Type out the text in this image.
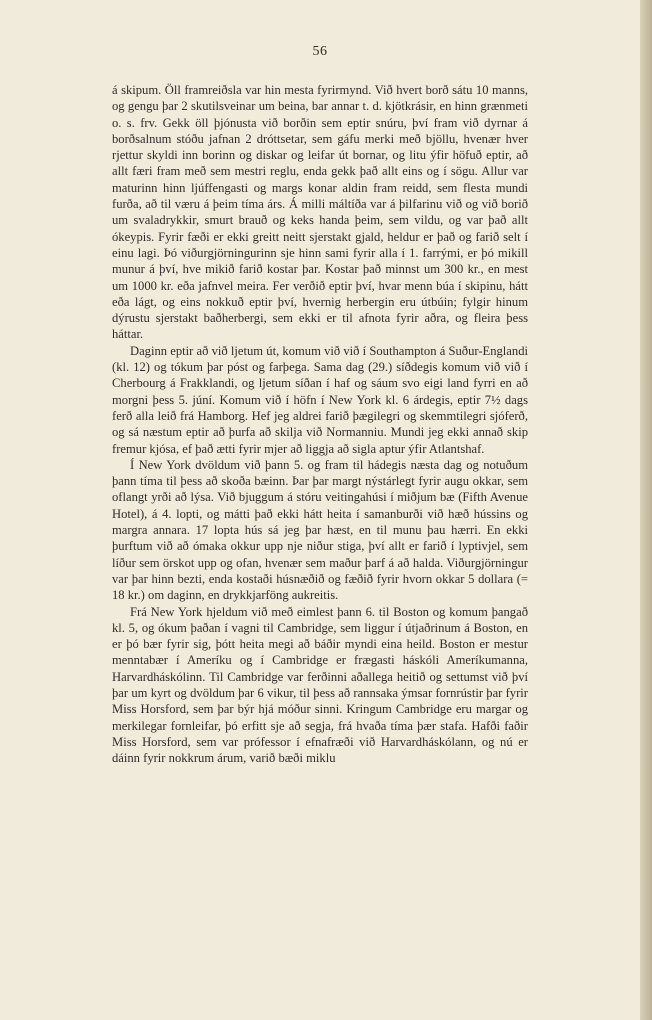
56

á skipum. Öll framreiðsla var hin mesta fyrirmynd. Við hvert borð sátu 10 manns, og gengu þar 2 skutilsveinar um beina, bar annar t. d. kjötkrásir, en hinn grænmeti o. s. frv. Gekk öll þjónusta við borðin sem eptir snúru, því fram við dyrnar á borðsalnum stóðu jafnan 2 dróttsetar, sem gáfu merki með bjöllu, hvenær hver rjettur skyldi inn borinn og diskar og leifar út bornar, og litu ýfir höfuð eptir, að allt færi fram með sem mestri reglu, enda gekk það allt eins og í sögu. Allur var maturinn hinn ljúffengasti og margs konar aldin fram reidd, sem flesta mundi furða, að til væru á þeim tíma árs. Á milli máltíða var á þilfarinu við og við borið um svaladrykkir, smurt brauð og keks handa þeim, sem vildu, og var það allt ókeypis. Fyrir fæði er ekki greitt neitt sjerstakt gjald, heldur er það og farið selt í einu lagi. Þó viðurgjörningurinn sje hinn sami fyrir alla í 1. farrými, er þó mikill munur á því, hve mikið farið kostar þar. Kostar það minnst um 300 kr., en mest um 1000 kr. eða jafnvel meira. Fer verðið eptir því, hvar menn búa í skipinu, hátt eða lágt, og eins nokkuð eptir því, hvernig herbergin eru útbúin; fylgir hinum dýrustu sjerstakt baðherbergi, sem ekki er til afnota fyrir aðra, og fleira þess háttar.

Daginn eptir að við ljetum út, komum við við í Southampton á Suður-Englandi (kl. 12) og tókum þar póst og farþega. Sama dag (29.) síðdegis komum við við í Cherbourg á Frakklandi, og ljetum síðan í haf og sáum svo eigi land fyrri en að morgni þess 5. júní. Komum við í höfn í New York kl. 6 árdegis, eptir 7½ dags ferð alla leið frá Hamborg. Hef jeg aldrei farið þægilegri og skemmtilegri sjóferð, og sá næstum eptir að þurfa að skilja við Normanniu. Mundi jeg ekki annað skip fremur kjósa, ef það ætti fyrir mjer að liggja að sigla aptur ýfir Atlantshaf.

Í New York dvöldum við þann 5. og fram til hádegis næsta dag og notuðum þann tíma til þess að skoða bæinn. Þar þar margt nýstárlegt fyrir augu okkar, sem oflangt yrði að lýsa. Við bjuggum á stóru veitingahúsi í miðjum bæ (Fifth Avenue Hotel), á 4. lopti, og mátti það ekki hátt heita í samanburði við hæð hússins og margra annara. 17 lopta hús sá jeg þar hæst, en til munu þau hærri. En ekki þurftum við að ómaka okkur upp nje niður stiga, því allt er farið í lyptivjel, sem líður sem örskot upp og ofan, hvenær sem maður þarf á að halda. Viðurgjörningur var þar hinn bezti, enda kostaði húsnæðið og fæðið fyrir hvorn okkar 5 dollara (= 18 kr.) om daginn, en drykkjarföng aukreitis.

Frá New York hjeldum við með eimlest þann 6. til Boston og komum þangað kl. 5, og ókum þaðan í vagni til Cambridge, sem liggur í útjaðrinum á Boston, en er þó bær fyrir sig, þótt heita megi að báðir myndi eina heild. Boston er mestur menntabær í Ameríku og í Cambridge er frægasti háskóli Ameríkumanna, Harvardháskólinn. Til Cambridge var ferðinni aðallega heitið og settumst við því þar um kyrt og dvöldum þar 6 vikur, til þess að rannsaka ýmsar fornrústir þar fyrir Miss Horsford, sem þar býr hjá móður sinni. Kringum Cambridge eru margar og merkilegar fornleifar, þó erfitt sje að segja, frá hvaða tíma þær stafa. Hafði faðir Miss Horsford, sem var prófessor í efnafræði við Harvardháskólann, og nú er dáinn fyrir nokkrum árum, varið bæði miklu
